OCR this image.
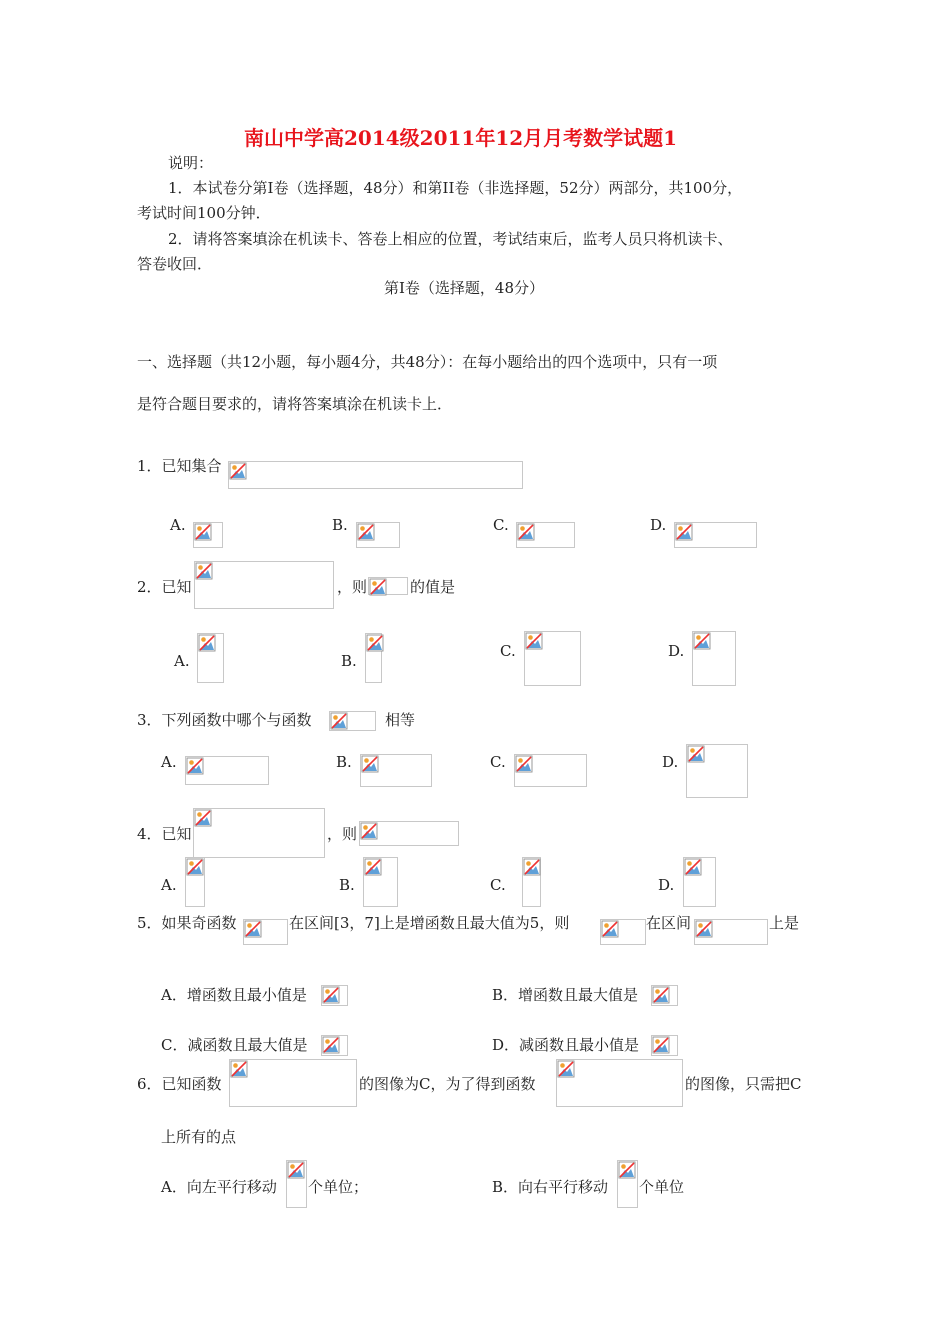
南山中学高2014级2011年12月月考数学试题1
说明：
1．本试卷分第Ⅰ卷（选择题，48分）和第II卷（非选择题，52分）两部分，共100分，
考试时间100分钟．
2．请将答案填涂在机读卡、答卷上相应的位置，考试结束后，监考人员只将机读卡、
答卷收回．
第Ⅰ卷（选择题，48分）
一、选择题（共12小题，每小题4分，共48分）：在每小题给出的四个选项中，只有一项
是符合题目要求的，请将答案填涂在机读卡上．
1．已知集合
A.	B.	C.	D.
2．已知	，则	的值是
A.	B.
C.	D.
3．下列函数中哪个与函数	相等
A.	B.	C.	D.
4．已知	，则
A.	B.	C.	D.
5．如果奇函数	在区间[3，7]上是增函数且最大值为5，则	在区间	上是
A．增函数且最小值是	B．增函数且最大值是
C．减函数且最大值是	D．减函数且最小值是
6．已知函数	的图像为C，为了得到函数	的图像，只需把C
上所有的点
A．向左平行移动 个单位；	B．向右平行移动 个单位
